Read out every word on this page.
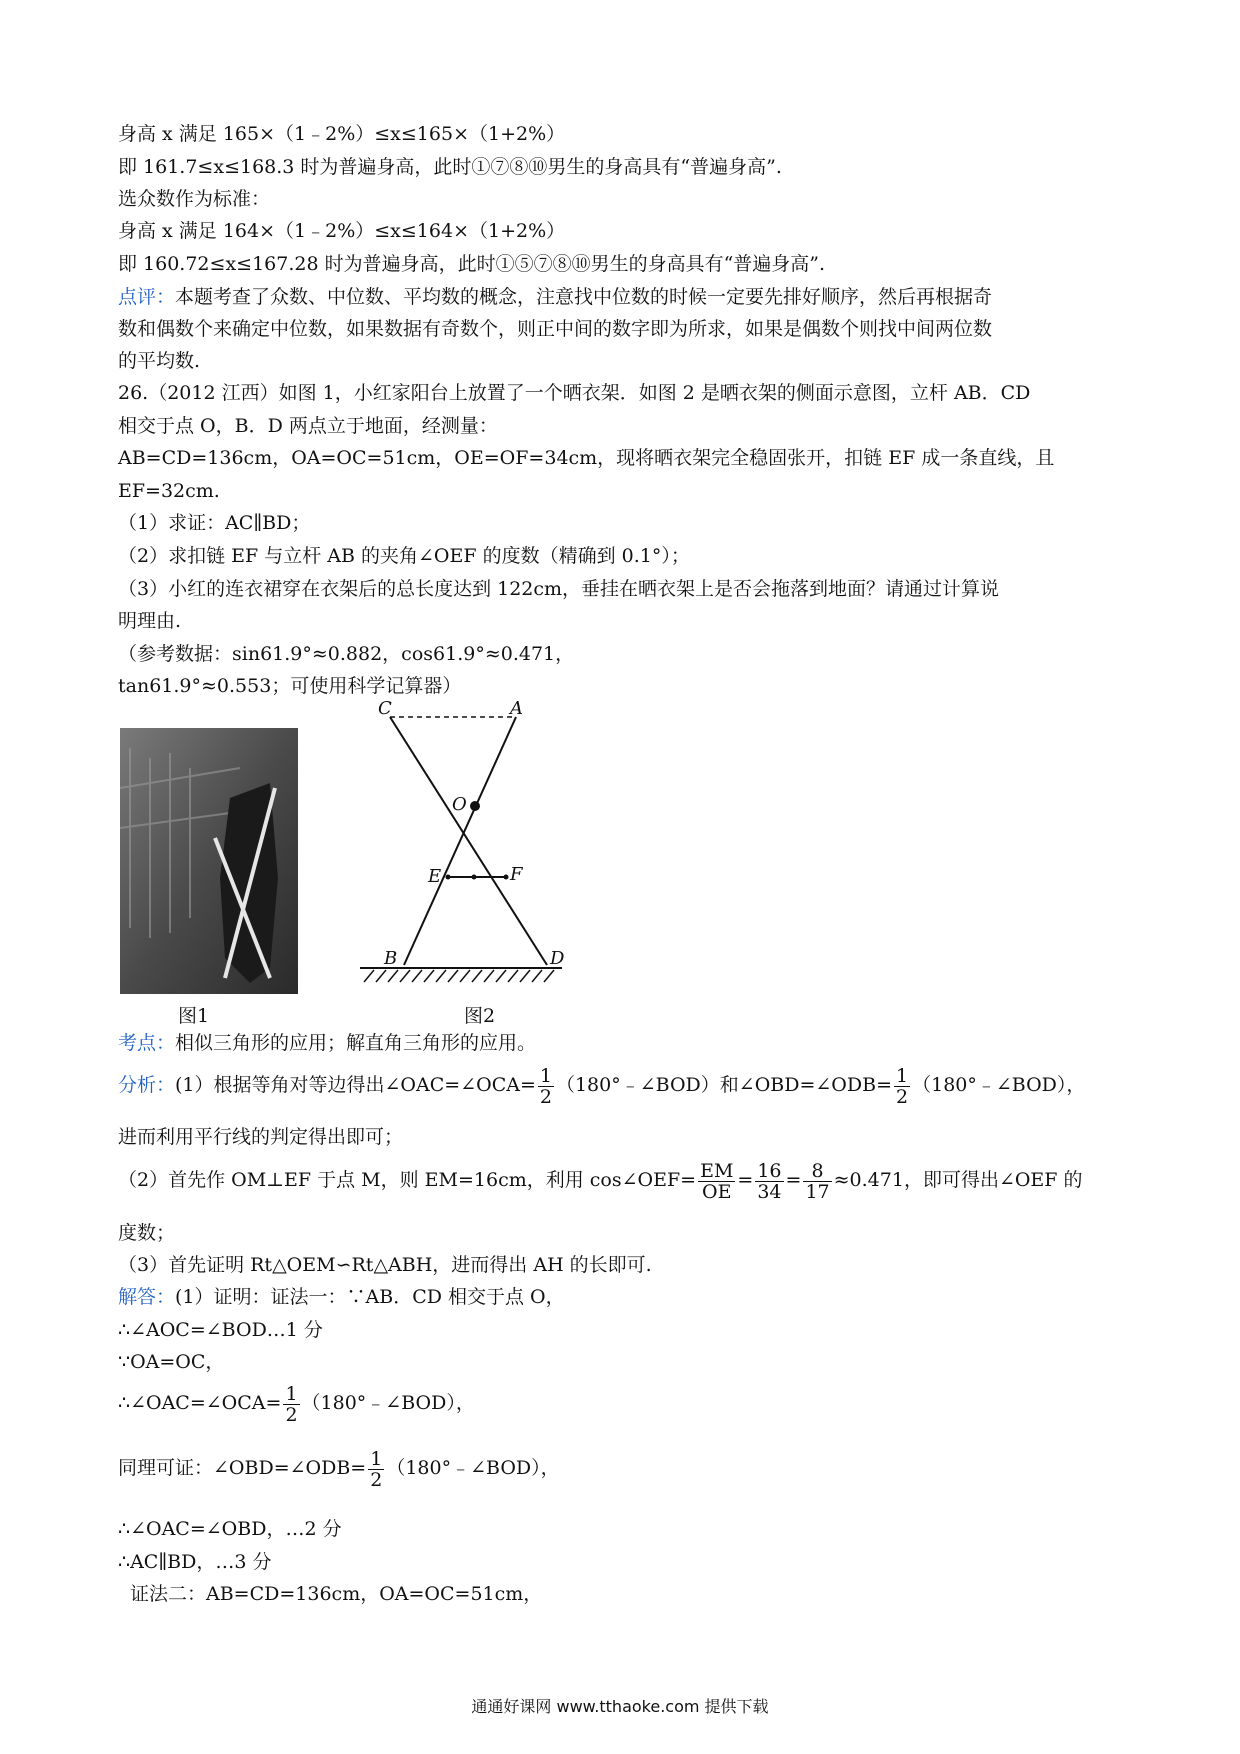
身高 x 满足 165×（1﹣2%）≤x≤165×（1+2%）
即 161.7≤x≤168.3 时为普遍身高，此时①⑦⑧⑩男生的身高具有“普遍身高”.
选众数作为标准：
身高 x 满足 164×（1﹣2%）≤x≤164×（1+2%）
即 160.72≤x≤167.28 时为普遍身高，此时①⑤⑦⑧⑩男生的身高具有“普遍身高”.
点评：本题考查了众数、中位数、平均数的概念，注意找中位数的时候一定要先排好顺序，然后再根据奇
数和偶数个来确定中位数，如果数据有奇数个，则正中间的数字即为所求，如果是偶数个则找中间两位数
的平均数.
26.（2012 江西）如图 1，小红家阳台上放置了一个晒衣架．如图 2 是晒衣架的侧面示意图，立杆 AB．CD
相交于点 O，B．D 两点立于地面，经测量：
AB=CD=136cm，OA=OC=51cm，OE=OF=34cm，现将晒衣架完全稳固张开，扣链 EF 成一条直线，且
EF=32cm.
（1）求证：AC∥BD；
（2）求扣链 EF 与立杆 AB 的夹角∠OEF 的度数（精确到 0.1°）；
（3）小红的连衣裙穿在衣架后的总长度达到 122cm，垂挂在晒衣架上是否会拖落到地面？请通过计算说
明理由.
（参考数据：sin61.9°≈0.882，cos61.9°≈0.471，
tan61.9°≈0.553；可使用科学记算器）
C	A
O
E	F
B	D
图1	图2
考点：相似三角形的应用；解直角三角形的应用。
分析：(1）根据等角对等边得出∠OAC=∠OCA= $\frac{1}{2}$ （180°﹣∠BOD）和∠OBD=∠ODB= $\frac{1}{2}$ （180°﹣∠BOD），
进而利用平行线的判定得出即可；
（2）首先作 OM⊥EF 于点 M，则 EM=16cm，利用 cos∠OEF= $\frac{EM}{OE} = \frac{16}{34} = \frac{8}{17} \approx 0.471$，即可得出∠OEF 的
度数；
（3）首先证明 Rt△OEM∽Rt△ABH，进而得出 AH 的长即可.
解答：(1）证明：证法一：∵AB．CD 相交于点 O，
∴∠AOC=∠BOD…1 分
∵OA=OC，
∴∠OAC=∠OCA= $\frac{1}{2}$ （180°﹣∠BOD），
同理可证：∠OBD=∠ODB= $\frac{1}{2}$ （180°﹣∠BOD），
∴∠OAC=∠OBD，…2 分
∴AC∥BD，…3 分
证法二：AB=CD=136cm，OA=OC=51cm，
通通好课网 www.tthaoke.com 提供下载
